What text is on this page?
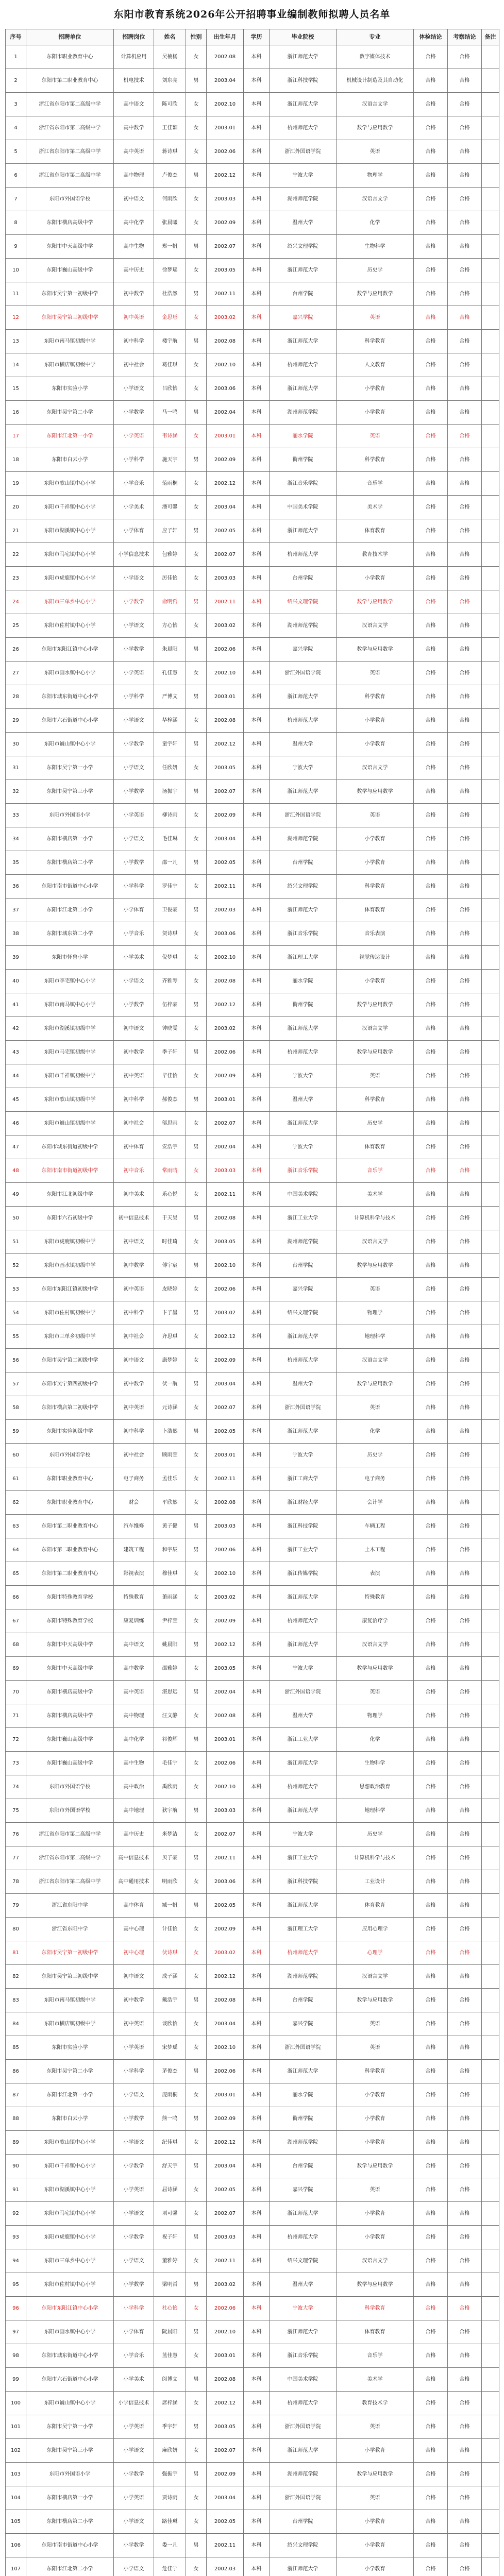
东阳市教育系统2026年公开招聘事业编制教师拟聘人员名单
序号	招聘单位	招聘岗位	姓名	性别	出生年月	学历	毕业院校	专业	体检结论	考察结论	备注
1	东阳市职业教育中心	计算机应用	吴楠杨	女	2002.08	本科	浙江师范大学	数字媒体技术	合格	合格	
2	东阳市第二职业教育中心	机电技术	刘东亮	男	2003.04	本科	浙江科技学院	机械设计制造及其自动化	合格	合格	
3	浙江省东阳市第二高级中学	高中语文	陈可欣	女	2002.10	本科	浙江师范大学	汉语言文学	合格	合格	
4	浙江省东阳市第二高级中学	高中数学	王佳颖	女	2003.01	本科	杭州师范大学	数学与应用数学	合格	合格	
5	浙江省东阳市第二高级中学	高中英语	蒋诗琪	女	2002.06	本科	浙江外国语学院	英语	合格	合格	
6	浙江省东阳市第二高级中学	高中物理	卢俊杰	男	2002.12	本科	宁波大学	物理学	合格	合格	
7	东阳市外国语学校	初中语文	何雨欣	女	2003.03	本科	湖州师范学院	汉语言文学	合格	合格	
8	东阳市横店高级中学	高中化学	张晨曦	女	2002.09	本科	温州大学	化学	合格	合格	
9	东阳市中天高级中学	高中生物	郑一帆	男	2002.07	本科	绍兴文理学院	生物科学	合格	合格	
10	东阳市巍山高级中学	高中历史	徐梦瑶	女	2003.05	本科	浙江师范大学	历史学	合格	合格	
11	东阳市吴宁第一初级中学	初中数学	杜浩然	男	2002.11	本科	台州学院	数学与应用数学	合格	合格	
12	东阳市吴宁第三初级中学	初中英语	金思彤	女	2003.02	本科	嘉兴学院	英语	合格	合格	
13	东阳市南马镇初级中学	初中科学	楼宇航	男	2002.08	本科	浙江师范大学	科学教育	合格	合格	
14	东阳市横店镇初级中学	初中社会	葛佳琪	女	2002.10	本科	杭州师范大学	人文教育	合格	合格	
15	东阳市实验小学	小学语文	吕欣怡	女	2003.06	本科	浙江师范大学	小学教育	合格	合格	
16	东阳市吴宁第二小学	小学数学	马一鸣	男	2002.04	本科	湖州师范学院	小学教育	合格	合格	
17	东阳市江北第一小学	小学英语	韦诗涵	女	2003.01	本科	丽水学院	英语	合格	合格	
18	东阳市白云小学	小学科学	施天宇	男	2002.09	本科	衢州学院	科学教育	合格	合格	
19	东阳市歌山镇中心小学	小学音乐	范雨桐	女	2002.12	本科	浙江音乐学院	音乐学	合格	合格	
20	东阳市千祥镇中心小学	小学美术	潘可馨	女	2003.04	本科	中国美术学院	美术学	合格	合格	
21	东阳市湖溪镇中心小学	小学体育	应子轩	男	2002.05	本科	浙江师范大学	体育教育	合格	合格	
22	东阳市马宅镇中心小学	小学信息技术	包雅婷	女	2002.07	本科	杭州师范大学	教育技术学	合格	合格	
23	东阳市虎鹿镇中心小学	小学语文	厉佳怡	女	2003.03	本科	台州学院	小学教育	合格	合格	
24	东阳市三单乡中心小学	小学数学	俞明哲	男	2002.11	本科	绍兴文理学院	数学与应用数学	合格	合格	
25	东阳市佐村镇中心小学	小学语文	方心怡	女	2003.02	本科	湖州师范学院	汉语言文学	合格	合格	
26	东阳市东阳江镇中心小学	小学数学	朱晨阳	男	2002.06	本科	嘉兴学院	数学与应用数学	合格	合格	
27	东阳市画水镇中心小学	小学英语	孔佳慧	女	2002.10	本科	浙江外国语学院	英语	合格	合格	
28	东阳市城东街道中心小学	小学科学	严博文	男	2003.01	本科	浙江师范大学	科学教育	合格	合格	
29	东阳市六石街道中心小学	小学语文	华梓涵	女	2002.08	本科	杭州师范大学	小学教育	合格	合格	
30	东阳市巍山镇中心小学	小学数学	童宇轩	男	2002.12	本科	温州大学	小学教育	合格	合格	
31	东阳市吴宁第一小学	小学语文	任欣妍	女	2003.05	本科	宁波大学	汉语言文学	合格	合格	
32	东阳市吴宁第三小学	小学数学	汤振宇	男	2002.07	本科	浙江师范大学	数学与应用数学	合格	合格	
33	东阳市外国语小学	小学英语	柳诗雨	女	2002.09	本科	浙江外国语学院	英语	合格	合格	
34	东阳市横店第一小学	小学语文	毛佳琳	女	2003.04	本科	湖州师范学院	小学教育	合格	合格	
35	东阳市横店第二小学	小学数学	邵一凡	男	2002.05	本科	台州学院	小学教育	合格	合格	
36	东阳市南市街道中心小学	小学科学	罗佳宁	女	2002.11	本科	绍兴文理学院	科学教育	合格	合格	
37	东阳市江北第二小学	小学体育	卫俊豪	男	2002.03	本科	浙江师范大学	体育教育	合格	合格	
38	东阳市城东第二小学	小学音乐	贺诗琪	女	2003.06	本科	浙江音乐学院	音乐表演	合格	合格	
39	东阳市怀鲁小学	小学美术	倪梦琪	女	2002.10	本科	浙江理工大学	视觉传达设计	合格	合格	
40	东阳市李宅镇中心小学	小学语文	齐雅琴	女	2002.08	本科	丽水学院	小学教育	合格	合格	
41	东阳市南马镇中心小学	小学数学	伍梓豪	男	2002.12	本科	衢州学院	数学与应用数学	合格	合格	
42	东阳市湖溪镇初级中学	初中语文	钟晓雯	女	2003.02	本科	浙江师范大学	汉语言文学	合格	合格	
43	东阳市马宅镇初级中学	初中数学	季子轩	男	2002.06	本科	杭州师范大学	数学与应用数学	合格	合格	
44	东阳市千祥镇初级中学	初中英语	毕佳怡	女	2002.09	本科	宁波大学	英语	合格	合格	
45	东阳市歌山镇初级中学	初中科学	郝俊杰	男	2003.01	本科	温州大学	科学教育	合格	合格	
46	东阳市巍山镇初级中学	初中社会	邬思雨	女	2002.07	本科	浙江师范大学	历史学	合格	合格	
47	东阳市城东街道初级中学	初中体育	安浩宇	男	2002.04	本科	宁波大学	体育教育	合格	合格	
48	东阳市南市街道初级中学	初中音乐	常雨晴	女	2003.03	本科	浙江音乐学院	音乐学	合格	合格	
49	东阳市江北初级中学	初中美术	乐心悦	女	2002.11	本科	中国美术学院	美术学	合格	合格	
50	东阳市六石初级中学	初中信息技术	于天昊	男	2002.08	本科	浙江工业大学	计算机科学与技术	合格	合格	
51	东阳市虎鹿镇初级中学	初中语文	时佳琦	女	2003.05	本科	湖州师范学院	汉语言文学	合格	合格	
52	东阳市画水镇初级中学	初中数学	傅宇宸	男	2002.10	本科	台州学院	数学与应用数学	合格	合格	
53	东阳市东阳江镇初级中学	初中英语	皮晓婷	女	2002.06	本科	嘉兴学院	英语	合格	合格	
54	东阳市佐村镇初级中学	初中科学	卞子墨	男	2003.02	本科	绍兴文理学院	物理学	合格	合格	
55	东阳市三单乡初级中学	初中社会	齐思琪	女	2002.12	本科	浙江师范大学	地理科学	合格	合格	
56	东阳市吴宁第二初级中学	初中语文	康梦婷	女	2002.09	本科	杭州师范大学	汉语言文学	合格	合格	
57	东阳市吴宁第四初级中学	初中数学	伏一航	男	2003.04	本科	温州大学	数学与应用数学	合格	合格	
58	东阳市横店第二初级中学	初中英语	元诗涵	女	2002.07	本科	浙江外国语学院	英语	合格	合格	
59	东阳市实验初级中学	初中科学	卜浩然	男	2002.05	本科	浙江师范大学	化学	合格	合格	
60	东阳市外国语学校	初中社会	顾雨萱	女	2003.01	本科	宁波大学	历史学	合格	合格	
61	东阳市职业教育中心	电子商务	孟佳乐	女	2002.11	本科	浙江工商大学	电子商务	合格	合格	
62	东阳市职业教育中心	财会	平欣然	女	2002.08	本科	浙江财经大学	会计学	合格	合格	
63	东阳市第二职业教育中心	汽车维修	黄子健	男	2003.03	本科	浙江科技学院	车辆工程	合格	合格	
64	东阳市第二职业教育中心	建筑工程	和宇辰	男	2002.06	本科	浙江工业大学	土木工程	合格	合格	
65	东阳市第二职业教育中心	影视表演	穆佳琪	女	2002.10	本科	浙江传媒学院	表演	合格	合格	
66	东阳市特殊教育学校	特殊教育	萧雨涵	女	2003.02	本科	浙江师范大学	特殊教育	合格	合格	
67	东阳市特殊教育学校	康复训练	尹梓萱	女	2002.09	本科	杭州师范大学	康复治疗学	合格	合格	
68	东阳市中天高级中学	高中语文	姚晨阳	男	2002.12	本科	浙江师范大学	汉语言文学	合格	合格	
69	东阳市中天高级中学	高中数学	邵雅婷	女	2003.05	本科	宁波大学	数学与应用数学	合格	合格	
70	东阳市横店高级中学	高中英语	湛思远	男	2002.04	本科	浙江外国语学院	英语	合格	合格	
71	东阳市横店高级中学	高中物理	汪文静	女	2002.08	本科	温州大学	物理学	合格	合格	
72	东阳市巍山高级中学	高中化学	祁俊辉	男	2003.01	本科	浙江工业大学	化学	合格	合格	
73	东阳市巍山高级中学	高中生物	毛佳宁	女	2002.06	本科	浙江师范大学	生物科学	合格	合格	
74	东阳市外国语学校	高中政治	禹欣雨	女	2002.10	本科	杭州师范大学	思想政治教育	合格	合格	
75	东阳市外国语学校	高中地理	狄宇航	男	2003.03	本科	浙江师范大学	地理科学	合格	合格	
76	浙江省东阳市第二高级中学	高中历史	米梦洁	女	2002.07	本科	宁波大学	历史学	合格	合格	
77	浙江省东阳市第二高级中学	高中信息技术	贝子豪	男	2002.11	本科	浙江工业大学	计算机科学与技术	合格	合格	
78	浙江省东阳市第二高级中学	高中通用技术	明雨欣	女	2003.06	本科	浙江科技学院	工业设计	合格	合格	
79	浙江省东阳中学	高中体育	臧一帆	男	2002.05	本科	浙江师范大学	体育教育	合格	合格	
80	浙江省东阳中学	高中心理	计佳怡	女	2002.09	本科	浙江理工大学	应用心理学	合格	合格	
81	东阳市吴宁第一初级中学	初中心理	伏诗琪	女	2003.02	本科	杭州师范大学	心理学	合格	合格	
82	东阳市吴宁第三初级中学	初中语文	成子涵	女	2002.12	本科	湖州师范学院	汉语言文学	合格	合格	
83	东阳市南马镇初级中学	初中数学	戴浩宇	男	2002.08	本科	台州学院	数学与应用数学	合格	合格	
84	东阳市横店镇初级中学	初中英语	谈欣怡	女	2003.04	本科	嘉兴学院	英语	合格	合格	
85	东阳市实验小学	小学英语	宋梦瑶	女	2002.10	本科	浙江外国语学院	英语	合格	合格	
86	东阳市吴宁第二小学	小学科学	茅俊杰	男	2002.06	本科	浙江师范大学	科学教育	合格	合格	
87	东阳市江北第一小学	小学语文	庞雨桐	女	2003.01	本科	丽水学院	小学教育	合格	合格	
88	东阳市白云小学	小学数学	熊一鸣	男	2002.09	本科	衢州学院	小学教育	合格	合格	
89	东阳市歌山镇中心小学	小学语文	纪佳琪	女	2002.12	本科	湖州师范学院	小学教育	合格	合格	
90	东阳市千祥镇中心小学	小学数学	舒天宇	男	2003.04	本科	台州学院	数学与应用数学	合格	合格	
91	东阳市湖溪镇中心小学	小学英语	屈诗涵	女	2002.05	本科	嘉兴学院	英语	合格	合格	
92	东阳市马宅镇中心小学	小学语文	项可馨	女	2002.07	本科	浙江师范大学	小学教育	合格	合格	
93	东阳市虎鹿镇中心小学	小学数学	祝子轩	男	2003.03	本科	杭州师范大学	小学教育	合格	合格	
94	东阳市三单乡中心小学	小学语文	董雅婷	女	2002.11	本科	绍兴文理学院	汉语言文学	合格	合格	
95	东阳市佐村镇中心小学	小学数学	梁明哲	男	2003.02	本科	温州大学	数学与应用数学	合格	合格	
96	东阳市东阳江镇中心小学	小学科学	杜心怡	女	2002.06	本科	宁波大学	科学教育	合格	合格	
97	东阳市画水镇中心小学	小学体育	阮晨阳	男	2002.10	本科	浙江师范大学	体育教育	合格	合格	
98	东阳市城东街道中心小学	小学音乐	蓝佳慧	女	2003.01	本科	浙江音乐学院	音乐学	合格	合格	
99	东阳市六石街道中心小学	小学美术	闵博文	男	2002.08	本科	中国美术学院	美术学	合格	合格	
100	东阳市巍山镇中心小学	小学信息技术	席梓涵	女	2002.12	本科	杭州师范大学	教育技术学	合格	合格	
101	东阳市吴宁第一小学	小学英语	季宇轩	男	2003.05	本科	浙江外国语学院	英语	合格	合格	
102	东阳市吴宁第三小学	小学语文	麻欣妍	女	2002.07	本科	浙江师范大学	小学教育	合格	合格	
103	东阳市外国语小学	小学数学	强振宇	男	2002.09	本科	湖州师范学院	数学与应用数学	合格	合格	
104	东阳市横店第一小学	小学英语	贾诗雨	女	2003.04	本科	浙江外国语学院	英语	合格	合格	
105	东阳市横店第二小学	小学语文	路佳琳	女	2002.05	本科	台州学院	小学教育	合格	合格	
106	东阳市南市街道中心小学	小学数学	娄一凡	男	2002.11	本科	绍兴文理学院	小学教育	合格	合格	
107	东阳市江北第二小学	小学语文	危佳宁	女	2002.03	本科	浙江师范大学	小学教育	合格	合格	
